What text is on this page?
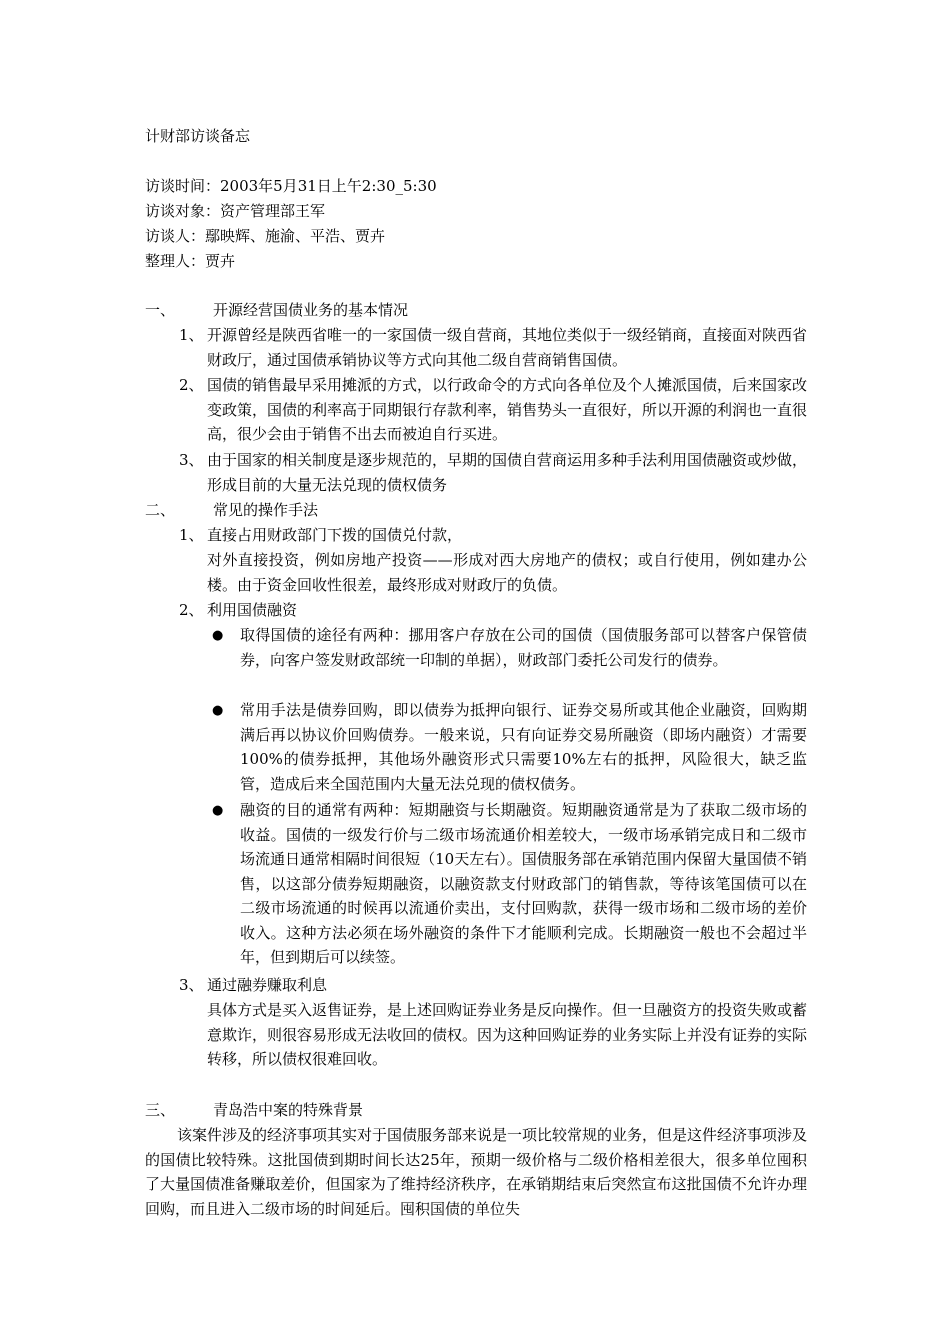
计财部访谈备忘
访谈时间：2003年5月31日上午2:30_5:30
访谈对象：资产管理部王军
访谈人：鄢映辉、施渝、平浩、贾卉
整理人：贾卉
一、	开源经营国债业务的基本情况
1、 开源曾经是陕西省唯一的一家国债一级自营商，其地位类似于一级经销商，直接面对陕西省财政厅，通过国债承销协议等方式向其他二级自营商销售国债。
2、 国债的销售最早采用摊派的方式，以行政命令的方式向各单位及个人摊派国债，后来国家改变政策，国债的利率高于同期银行存款利率，销售势头一直很好，所以开源的利润也一直很高，很少会由于销售不出去而被迫自行买进。
3、 由于国家的相关制度是逐步规范的，早期的国债自营商运用多种手法利用国债融资或炒做，形成目前的大量无法兑现的债权债务
二、	常见的操作手法
1、 直接占用财政部门下拨的国债兑付款，
对外直接投资，例如房地产投资——形成对西大房地产的债权；或自行使用，例如建办公楼。由于资金回收性很差，最终形成对财政厅的负债。
2、 利用国债融资
● 取得国债的途径有两种：挪用客户存放在公司的国债（国债服务部可以替客户保管债券，向客户签发财政部统一印制的单据），财政部门委托公司发行的债券。
● 常用手法是债券回购，即以债券为抵押向银行、证券交易所或其他企业融资，回购期满后再以协议价回购债券。一般来说，只有向证券交易所融资（即场内融资）才需要100%的债券抵押，其他场外融资形式只需要10%左右的抵押，风险很大，缺乏监管，造成后来全国范围内大量无法兑现的债权债务。
● 融资的目的通常有两种：短期融资与长期融资。短期融资通常是为了获取二级市场的收益。国债的一级发行价与二级市场流通价相差较大，一级市场承销完成日和二级市场流通日通常相隔时间很短（10天左右）。国债服务部在承销范围内保留大量国债不销售，以这部分债券短期融资，以融资款支付财政部门的销售款，等待该笔国债可以在二级市场流通的时候再以流通价卖出，支付回购款，获得一级市场和二级市场的差价收入。这种方法必须在场外融资的条件下才能顺利完成。长期融资一般也不会超过半年，但到期后可以续签。
3、 通过融券赚取利息
具体方式是买入返售证券，是上述回购证券业务是反向操作。但一旦融资方的投资失败或蓄意欺诈，则很容易形成无法收回的债权。因为这种回购证券的业务实际上并没有证券的实际转移，所以债权很难回收。
三、	青岛浩中案的特殊背景
该案件涉及的经济事项其实对于国债服务部来说是一项比较常规的业务，但是这件经济事项涉及的国债比较特殊。这批国债到期时间长达25年，预期一级价格与二级价格相差很大，很多单位囤积了大量国债准备赚取差价，但国家为了维持经济秩序，在承销期结束后突然宣布这批国债不允许办理回购，而且进入二级市场的时间延后。囤积国债的单位失
